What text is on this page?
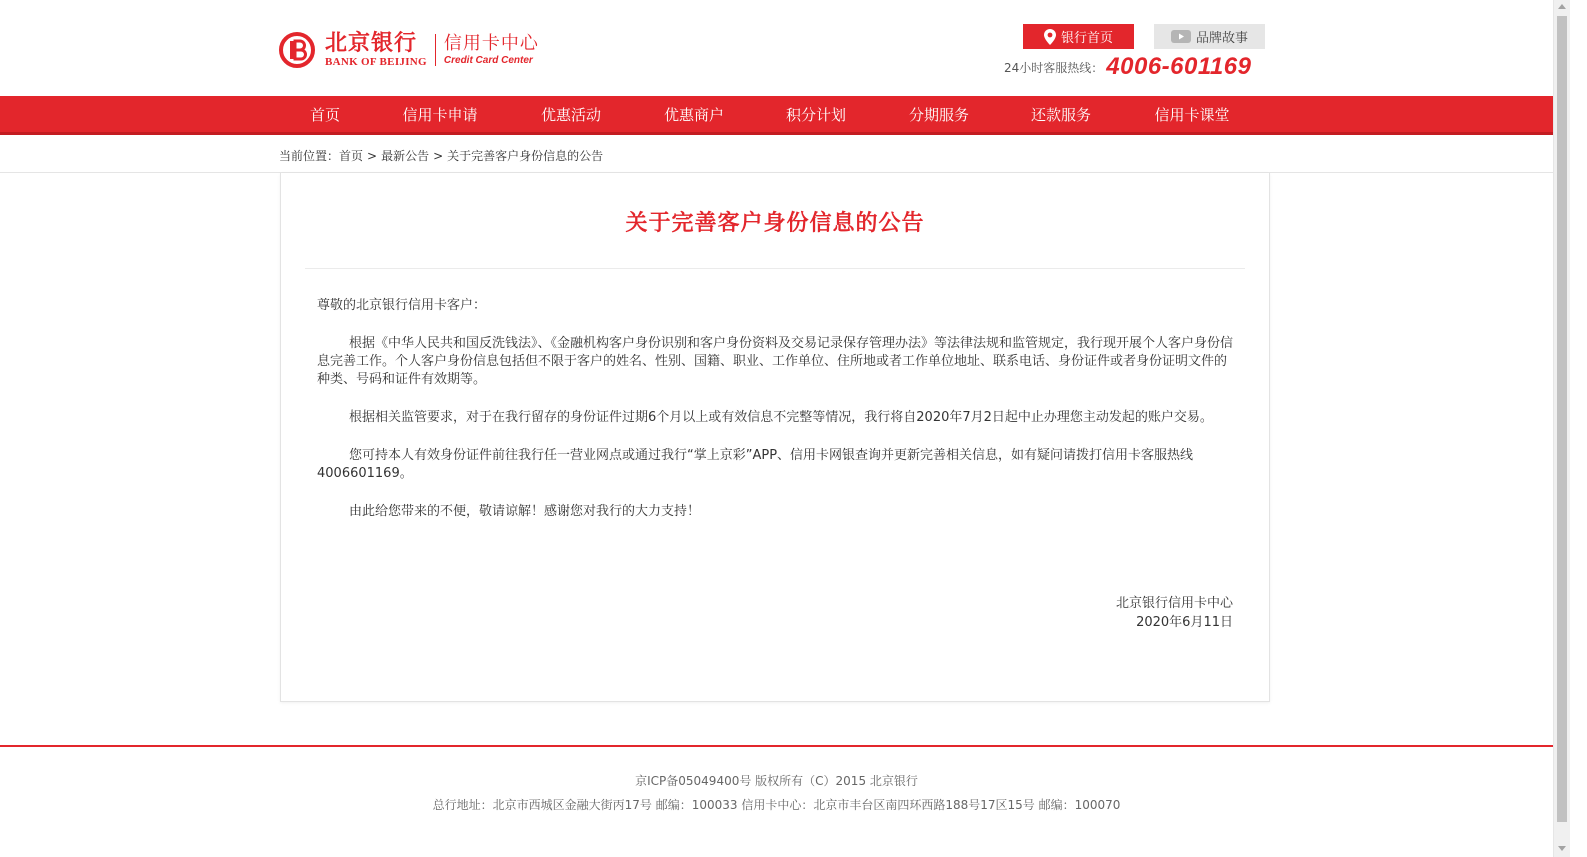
北京银行
BANK OF BEIJING
信用卡中心
Credit Card Center
银行首页	品牌故事
24小时客服热线： 4006-601169
首页	信用卡申请	优惠活动	优惠商户	积分计划	分期服务	还款服务	信用卡课堂
当前位置： 首页 > 最新公告 > 关于完善客户身份信息的公告
关于完善客户身份信息的公告

尊敬的北京银行信用卡客户：

根据《中华人民共和国反洗钱法》、《金融机构客户身份识别和客户身份资料及交易记录保存管理办法》等法律法规和监管规定，我行现开展个人客户身份信息完善工作。个人客户身份信息包括但不限于客户的姓名、性别、国籍、职业、工作单位、住所地或者工作单位地址、联系电话、身份证件或者身份证明文件的种类、号码和证件有效期等。

根据相关监管要求，对于在我行留存的身份证件过期6个月以上或有效信息不完整等情况，我行将自2020年7月2日起中止办理您主动发起的账户交易。

您可持本人有效身份证件前往我行任一营业网点或通过我行“掌上京彩”APP、信用卡网银查询并更新完善相关信息，如有疑问请拨打信用卡客服热线4006601169。

由此给您带来的不便，敬请谅解！感谢您对我行的大力支持！

北京银行信用卡中心
2020年6月11日
京ICP备05049400号 版权所有（C）2015 北京银行
总行地址：北京市西城区金融大街丙17号 邮编：100033 信用卡中心：北京市丰台区南四环西路188号17区15号 邮编：100070
